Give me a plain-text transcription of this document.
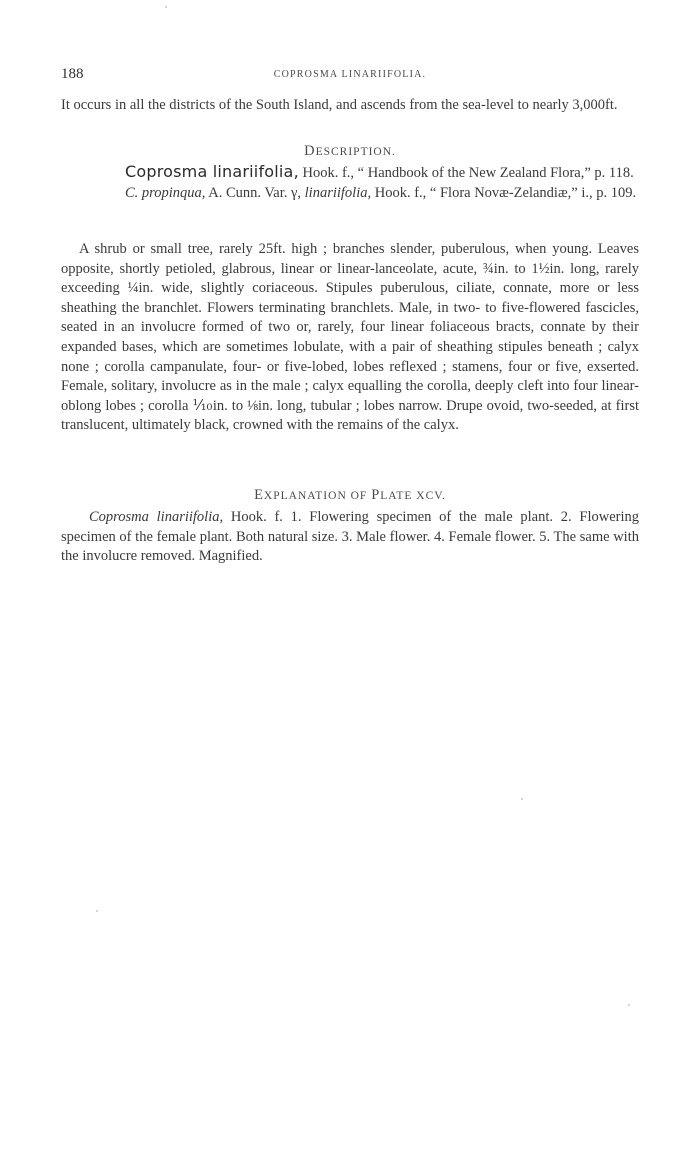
188	COPROSMA LINARIIFOLIA.

It occurs in all the districts of the South Island, and ascends from the sea-level to nearly 3,000ft.

DESCRIPTION.
Coprosma linariifolia, Hook. f., “ Handbook of the New Zealand Flora,” p. 118.
C. propinqua, A. Cunn. Var. γ, linariifolia, Hook. f., “ Flora Novæ-Zelandiæ,” i., p. 109.

A shrub or small tree, rarely 25ft. high ; branches slender, puberulous, when young. Leaves opposite, shortly petioled, glabrous, linear or linear-lanceolate, acute, ¾in. to 1½in. long, rarely exceeding ¼in. wide, slightly coriaceous. Stipules puberulous, ciliate, connate, more or less sheathing the branchlet. Flowers terminating branchlets. Male, in two- to five-flowered fascicles, seated in an involucre formed of two or, rarely, four linear foliaceous bracts, connate by their expanded bases, which are sometimes lobulate, with a pair of sheathing stipules beneath ; calyx none ; corolla campanulate, four- or five-lobed, lobes reflexed ; stamens, four or five, exserted. Female, solitary, involucre as in the male ; calyx equalling the corolla, deeply cleft into four linear-oblong lobes ; corolla ⅒in. to ⅛in. long, tubular ; lobes narrow. Drupe ovoid, two-seeded, at first translucent, ultimately black, crowned with the remains of the calyx.

EXPLANATION OF PLATE XCV.

Coprosma linariifolia, Hook. f. 1. Flowering specimen of the male plant. 2. Flowering specimen of the female plant. Both natural size. 3. Male flower. 4. Female flower. 5. The same with the involucre removed. Magnified.
